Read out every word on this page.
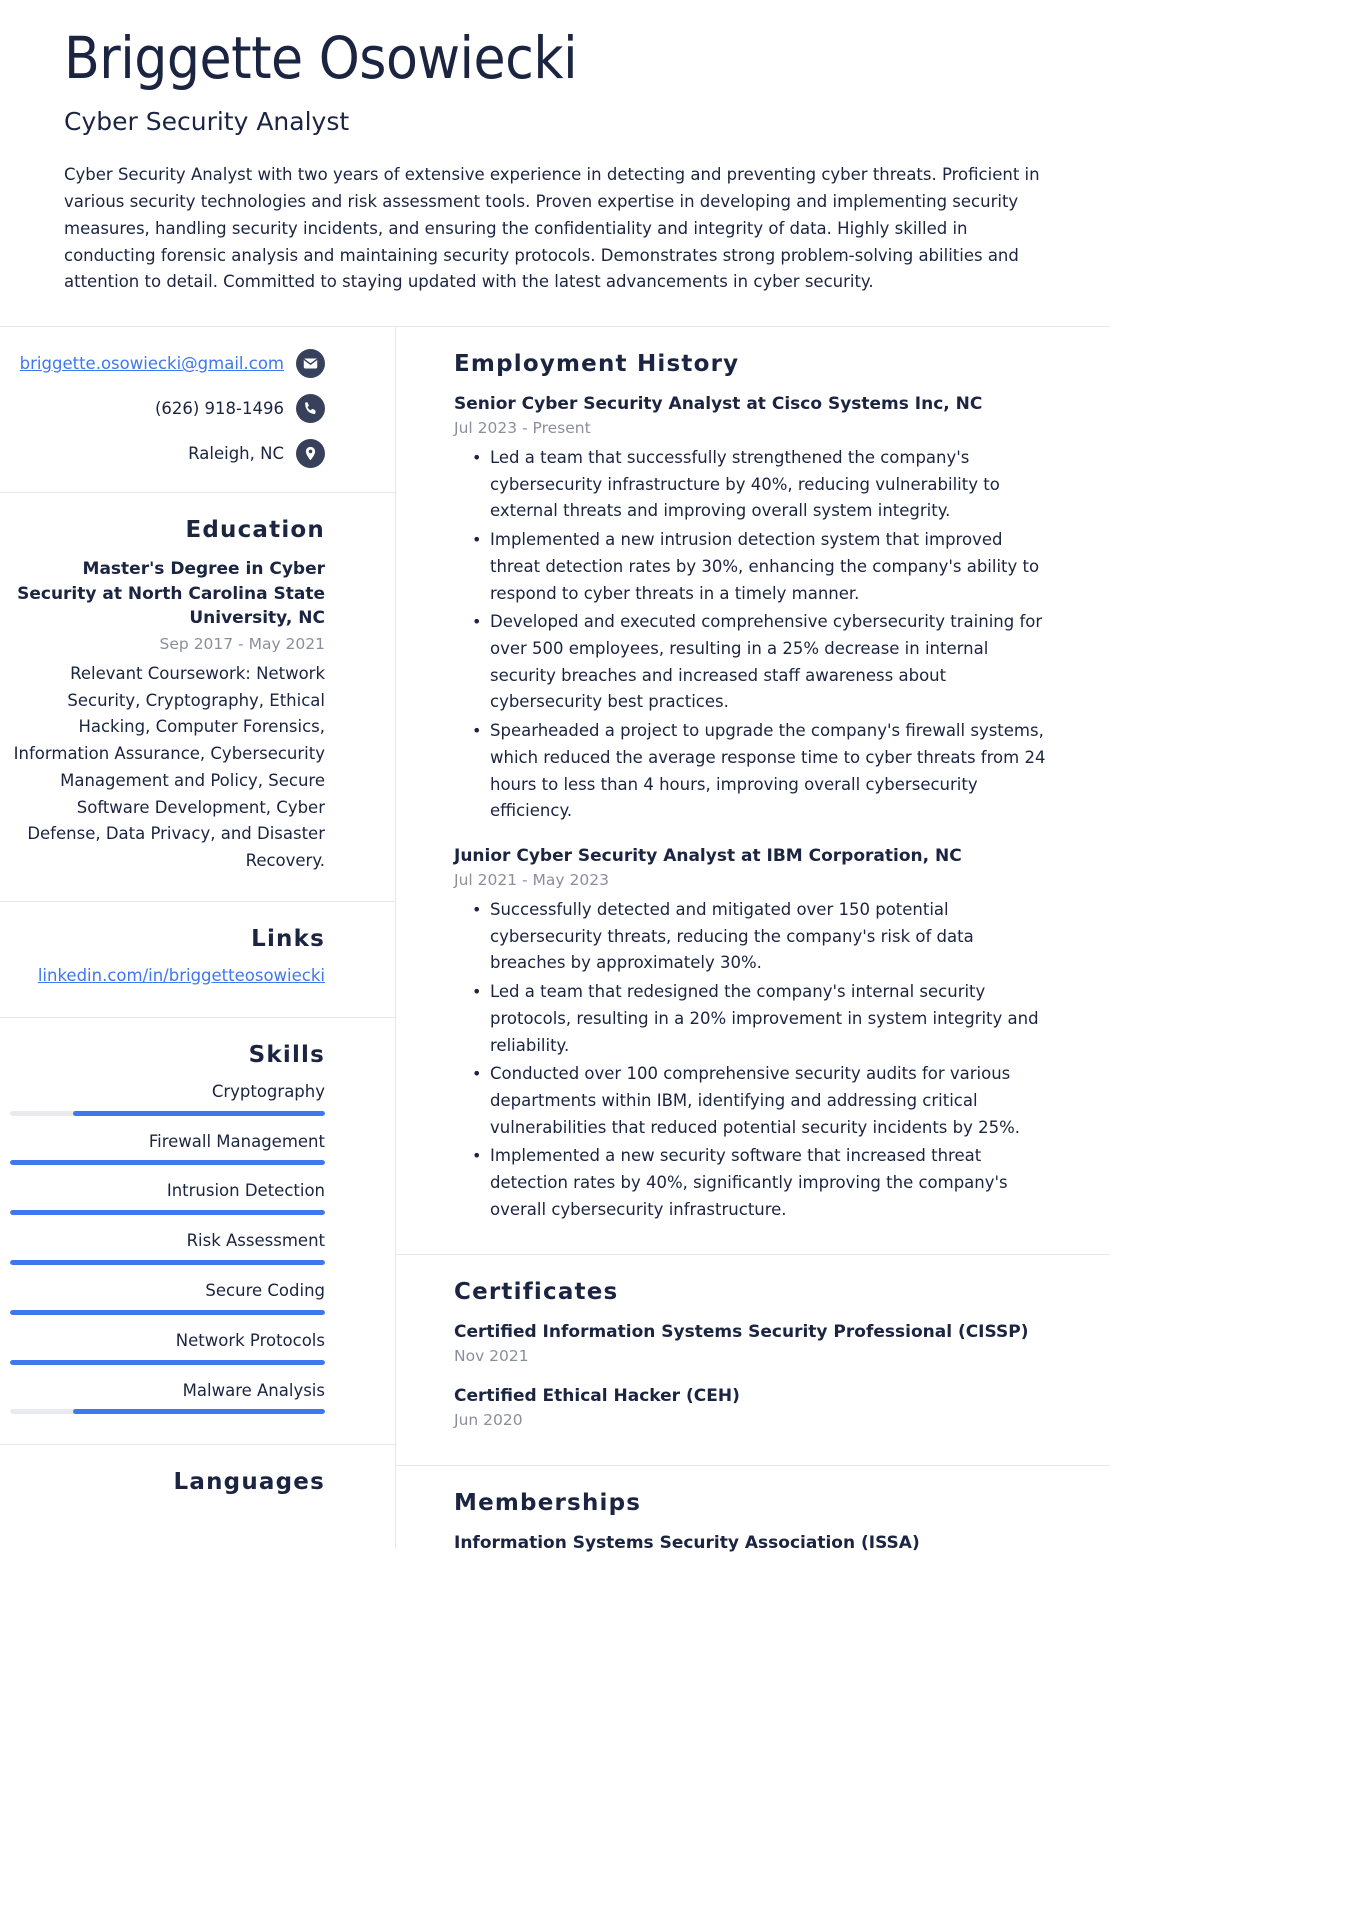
Briggette Osowiecki
Cyber Security Analyst

Cyber Security Analyst with two years of extensive experience in detecting and preventing cyber threats. Proficient in various security technologies and risk assessment tools. Proven expertise in developing and implementing security measures, handling security incidents, and ensuring the confidentiality and integrity of data. Highly skilled in conducting forensic analysis and maintaining security protocols. Demonstrates strong problem-solving abilities and attention to detail. Committed to staying updated with the latest advancements in cyber security.

briggette.osowiecki@gmail.com
(626) 918-1496
Raleigh, NC
Education
Master's Degree in Cyber Security at North Carolina State University, NC
Sep 2017 - May 2021

Relevant Coursework: Network Security, Cryptography, Ethical Hacking, Computer Forensics, Information Assurance, Cybersecurity Management and Policy, Secure Software Development, Cyber Defense, Data Privacy, and Disaster Recovery.

Links
linkedin.com/in/briggetteosowiecki
Skills
Cryptography
Firewall Management
Intrusion Detection
Risk Assessment
Secure Coding
Network Protocols
Malware Analysis
Languages
Employment History
Senior Cyber Security Analyst at Cisco Systems Inc, NC
Jul 2023 - Present
• Led a team that successfully strengthened the company's cybersecurity infrastructure by 40%, reducing vulnerability to external threats and improving overall system integrity.
• Implemented a new intrusion detection system that improved threat detection rates by 30%, enhancing the company's ability to respond to cyber threats in a timely manner.
• Developed and executed comprehensive cybersecurity training for over 500 employees, resulting in a 25% decrease in internal security breaches and increased staff awareness about cybersecurity best practices.
• Spearheaded a project to upgrade the company's firewall systems, which reduced the average response time to cyber threats from 24 hours to less than 4 hours, improving overall cybersecurity efficiency.
Junior Cyber Security Analyst at IBM Corporation, NC
Jul 2021 - May 2023
• Successfully detected and mitigated over 150 potential cybersecurity threats, reducing the company's risk of data breaches by approximately 30%.
• Led a team that redesigned the company's internal security protocols, resulting in a 20% improvement in system integrity and reliability.
• Conducted over 100 comprehensive security audits for various departments within IBM, identifying and addressing critical vulnerabilities that reduced potential security incidents by 25%.
• Implemented a new security software that increased threat detection rates by 40%, significantly improving the company's overall cybersecurity infrastructure.
Certificates
Certified Information Systems Security Professional (CISSP)
Nov 2021
Certified Ethical Hacker (CEH)
Jun 2020
Memberships
Information Systems Security Association (ISSA)
